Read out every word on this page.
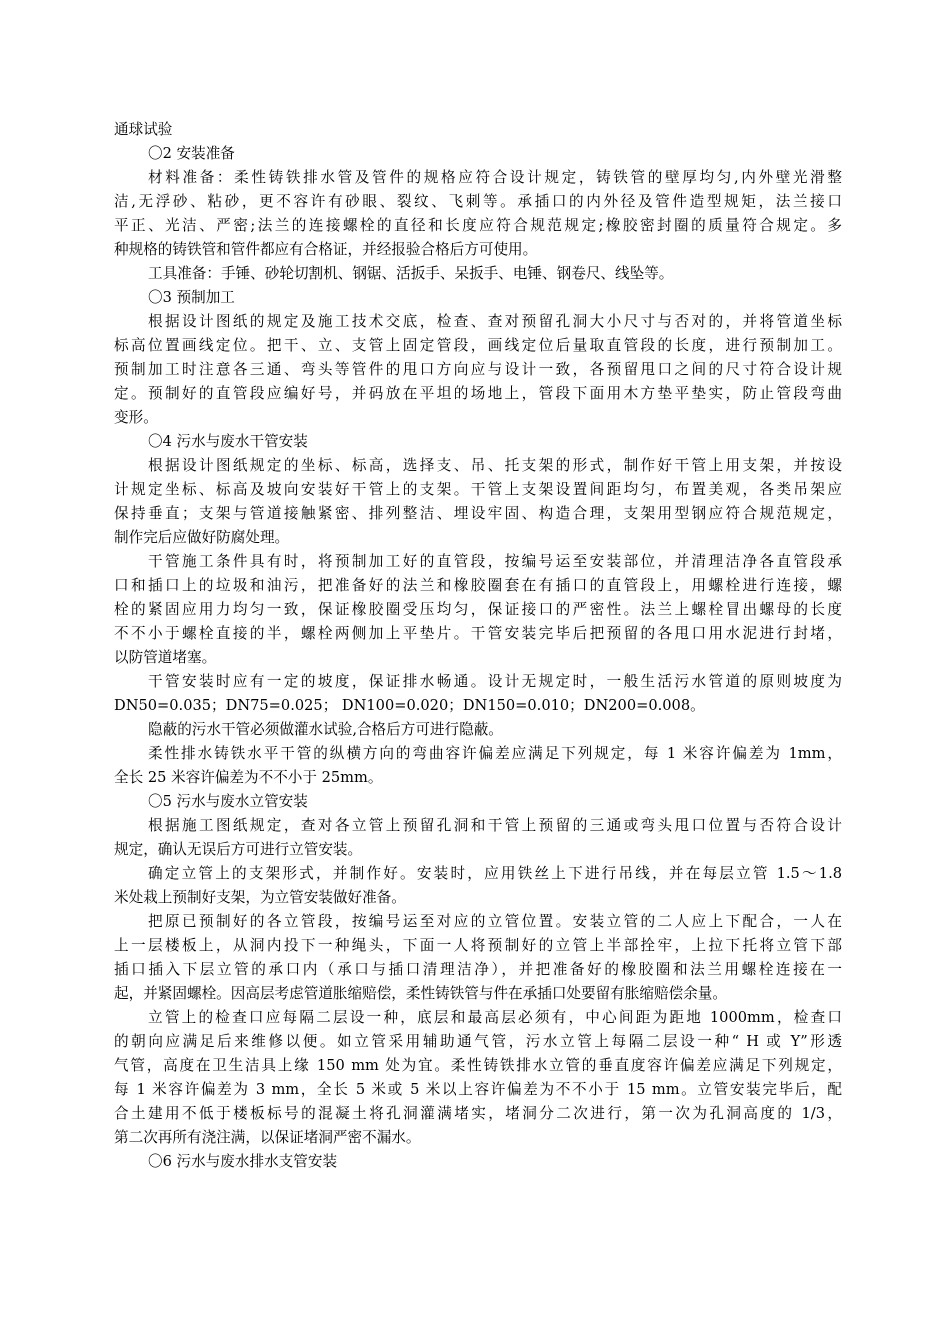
通球试验
〇2 安装准备
材料准备：柔性铸铁排水管及管件的规格应符合设计规定，铸铁管的壁厚均匀,内外壁光滑整
洁,无浮砂、粘砂，更不容许有砂眼、裂纹、飞刺等。承插口的内外径及管件造型规矩，法兰接口
平正、光洁、严密;法兰的连接螺栓的直径和长度应符合规范规定;橡胶密封圈的质量符合规定。多
种规格的铸铁管和管件都应有合格证，并经报验合格后方可使用。
工具准备：手锤、砂轮切割机、钢锯、活扳手、呆扳手、电锤、钢卷尺、线坠等。
〇3 预制加工
根据设计图纸的规定及施工技术交底，检查、查对预留孔洞大小尺寸与否对的，并将管道坐标
标高位置画线定位。把干、立、支管上固定管段，画线定位后量取直管段的长度，进行预制加工。
预制加工时注意各三通、弯头等管件的甩口方向应与设计一致，各预留甩口之间的尺寸符合设计规
定。预制好的直管段应编好号，并码放在平坦的场地上，管段下面用木方垫平垫实，防止管段弯曲
变形。
〇4 污水与废水干管安装
根据设计图纸规定的坐标、标高，选择支、吊、托支架的形式，制作好干管上用支架，并按设
计规定坐标、标高及坡向安装好干管上的支架。干管上支架设置间距均匀，布置美观，各类吊架应
保持垂直；支架与管道接触紧密、排列整洁、埋设牢固、构造合理，支架用型钢应符合规范规定，
制作完后应做好防腐处理。
干管施工条件具有时，将预制加工好的直管段，按编号运至安装部位，并清理洁净各直管段承
口和插口上的垃圾和油污，把准备好的法兰和橡胶圈套在有插口的直管段上，用螺栓进行连接，螺
栓的紧固应用力均匀一致，保证橡胶圈受压均匀，保证接口的严密性。法兰上螺栓冒出螺母的长度
不不小于螺栓直接的半，螺栓两侧加上平垫片。干管安装完毕后把预留的各甩口用水泥进行封堵，
以防管道堵塞。
干管安装时应有一定的坡度，保证排水畅通。设计无规定时，一般生活污水管道的原则坡度为
DN50=0.035；DN75=0.025； DN100=0.020；DN150=0.010；DN200=0.008。
隐蔽的污水干管必须做灌水试验,合格后方可进行隐蔽。
柔性排水铸铁水平干管的纵横方向的弯曲容许偏差应满足下列规定，每 1 米容许偏差为 1mm，
全长 25 米容许偏差为不不小于 25mm。
〇5 污水与废水立管安装
根据施工图纸规定，查对各立管上预留孔洞和干管上预留的三通或弯头甩口位置与否符合设计
规定，确认无误后方可进行立管安装。
确定立管上的支架形式，并制作好。安装时，应用铁丝上下进行吊线，并在每层立管 1.5～1.8
米处栽上预制好支架，为立管安装做好准备。
把原已预制好的各立管段，按编号运至对应的立管位置。安装立管的二人应上下配合，一人在
上一层楼板上，从洞内投下一种绳头，下面一人将预制好的立管上半部拴牢，上拉下托将立管下部
插口插入下层立管的承口内（承口与插口清理洁净），并把准备好的橡胶圈和法兰用螺栓连接在一
起，并紧固螺栓。因高层考虑管道胀缩赔偿，柔性铸铁管与件在承插口处要留有胀缩赔偿余量。
立管上的检查口应每隔二层设一种，底层和最高层必须有，中心间距为距地 1000mm，检查口
的朝向应满足后来维修以便。如立管采用辅助通气管，污水立管上每隔二层设一种“ H 或 Y”形透
气管，高度在卫生洁具上缘 150 mm 处为宜。柔性铸铁排水立管的垂直度容许偏差应满足下列规定，
每 1 米容许偏差为 3 mm，全长 5 米或 5 米以上容许偏差为不不小于 15 mm。立管安装完毕后，配
合土建用不低于楼板标号的混凝土将孔洞灌满堵实，堵洞分二次进行，第一次为孔洞高度的 1/3，
第二次再所有浇注满，以保证堵洞严密不漏水。
〇6 污水与废水排水支管安装
